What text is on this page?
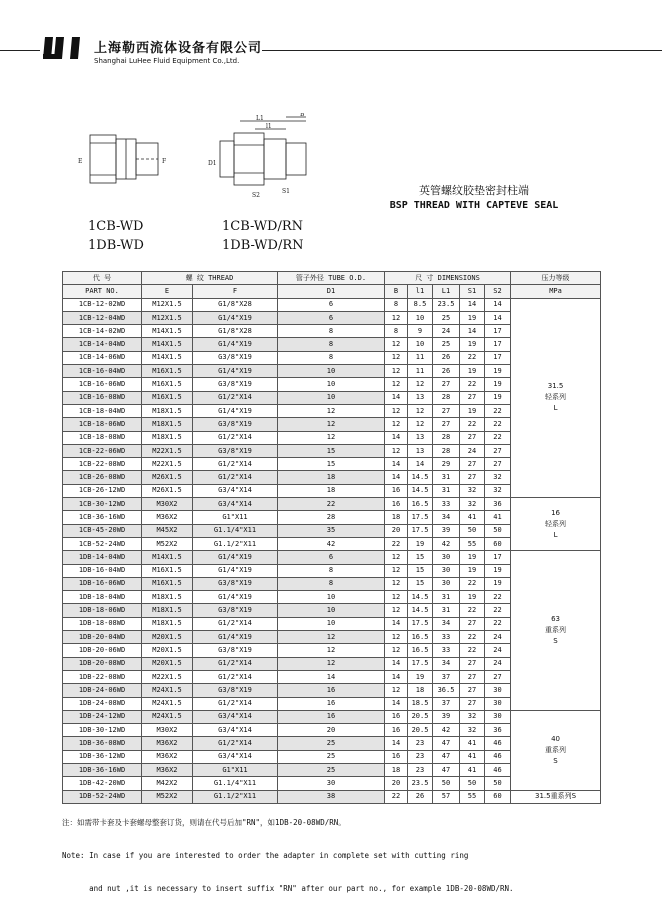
上海勒西流体设备有限公司
Shanghai LuHee Fluid Equipment Co.,Ltd.
E	F
L1
B
l1
D1
S2
S1
1CB-WD
1DB-WD
1CB-WD/RN
1DB-WD/RN
英管螺纹胶垫密封柱端
BSP THREAD WITH CAPTEVE SEAL
代 号	螺 纹 THREAD		管子外径 TUBE O.D.	尺 寸 DIMENSIONS					压力等级
PART NO.	E	F	D1	B	l1	L1	S1	S2	MPa
1CB-12-02WD	M12X1.5	G1/8"X28	6	8	8.5	23.5	14	14	31.5
轻系列
L
1CB-12-04WD	M12X1.5	G1/4"X19	6	12	10	25	19	14	
1CB-14-02WD	M14X1.5	G1/8"X28	8	8	9	24	14	17	
1CB-14-04WD	M14X1.5	G1/4"X19	8	12	10	25	19	17	
1CB-14-06WD	M14X1.5	G3/8"X19	8	12	11	26	22	17	
1CB-16-04WD	M16X1.5	G1/4"X19	10	12	11	26	19	19	
1CB-16-06WD	M16X1.5	G3/8"X19	10	12	12	27	22	19	
1CB-16-08WD	M16X1.5	G1/2"X14	10	14	13	28	27	19	
1CB-18-04WD	M18X1.5	G1/4"X19	12	12	12	27	19	22	
1CB-18-06WD	M18X1.5	G3/8"X19	12	12	12	27	22	22	
1CB-18-08WD	M18X1.5	G1/2"X14	12	14	13	28	27	22	
1CB-22-06WD	M22X1.5	G3/8"X19	15	12	13	28	24	27	
1CB-22-08WD	M22X1.5	G1/2"X14	15	14	14	29	27	27	
1CB-26-08WD	M26X1.5	G1/2"X14	18	14	14.5	31	27	32	
1CB-26-12WD	M26X1.5	G3/4"X14	18	16	14.5	31	32	32	
1CB-30-12WD	M30X2	G3/4"X14	22	16	16.5	33	32	36	16
轻系列
L
1CB-36-16WD	M36X2	G1"X11	28	18	17.5	34	41	41	
1CB-45-20WD	M45X2	G1.1/4"X11	35	20	17.5	39	50	50	
1CB-52-24WD	M52X2	G1.1/2"X11	42	22	19	42	55	60	
1DB-14-04WD	M14X1.5	G1/4"X19	6	12	15	30	19	17	63
重系列
S
1DB-16-04WD	M16X1.5	G1/4"X19	8	12	15	30	19	19	
1DB-16-06WD	M16X1.5	G3/8"X19	8	12	15	30	22	19	
1DB-18-04WD	M18X1.5	G1/4"X19	10	12	14.5	31	19	22	
1DB-18-06WD	M18X1.5	G3/8"X19	10	12	14.5	31	22	22	
1DB-18-08WD	M18X1.5	G1/2"X14	10	14	17.5	34	27	22	
1DB-20-04WD	M20X1.5	G1/4"X19	12	12	16.5	33	22	24	
1DB-20-06WD	M20X1.5	G3/8"X19	12	12	16.5	33	22	24	
1DB-20-08WD	M20X1.5	G1/2"X14	12	14	17.5	34	27	24	
1DB-22-08WD	M22X1.5	G1/2"X14	14	14	19	37	27	27	
1DB-24-06WD	M24X1.5	G3/8"X19	16	12	18	36.5	27	30	
1DB-24-08WD	M24X1.5	G1/2"X14	16	14	18.5	37	27	30	
1DB-24-12WD	M24X1.5	G3/4"X14	16	16	20.5	39	32	30	40
重系列
S
1DB-30-12WD	M30X2	G3/4"X14	20	16	20.5	42	32	36	
1DB-36-08WD	M36X2	G1/2"X14	25	14	23	47	41	46	
1DB-36-12WD	M36X2	G3/4"X14	25	16	23	47	41	46	
1DB-36-16WD	M36X2	G1"X11	25	18	23	47	41	46	
1DB-42-20WD	M42X2	G1.1/4"X11	30	20	23.5	50	50	50	
1DB-52-24WD	M52X2	G1.1/2"X11	38	22	26	57	55	60	31.5重系列S

注：如需带卡套及卡套螺母整套订货，则请在代号后加"RN"，如1DB-20-08WD/RN。

Note: In case if you are interested to order the adapter in complete set with cutting ring

and nut ,it is necessary to insert suffix "RN" after our part no., for example 1DB-20-08WD/RN.
